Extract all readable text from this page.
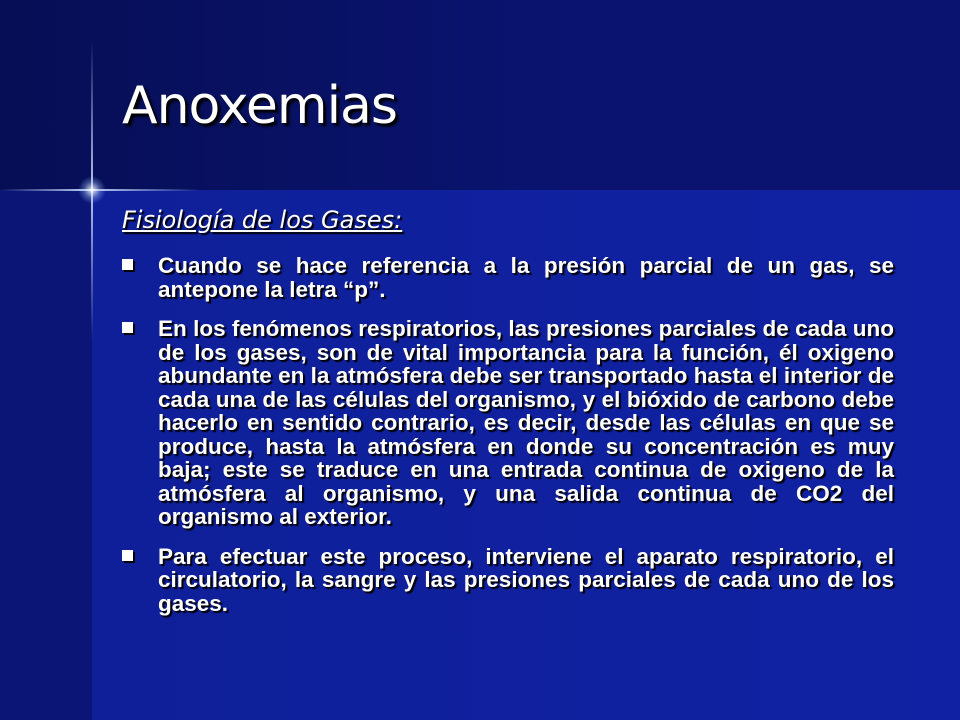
Anoxemias
Fisiología de los Gases:
Cuando se hace referencia a la presión parcial de un gas, se antepone la letra “p”.
En los fenómenos respiratorios, las presiones parciales de cada uno de los gases, son de vital importancia para la función, él oxigeno abundante en la atmósfera debe ser transportado hasta el interior de cada una de las células del organismo, y el bióxido de carbono debe hacerlo en sentido contrario, es decir, desde las células en que se produce, hasta la atmósfera en donde su concentración es muy baja; este se traduce en una entrada continua de oxigeno de la atmósfera al organismo, y una salida continua de CO2 del organismo al exterior.
Para efectuar este proceso, interviene el aparato respiratorio, el circulatorio, la sangre y las presiones parciales de cada uno de los gases.
